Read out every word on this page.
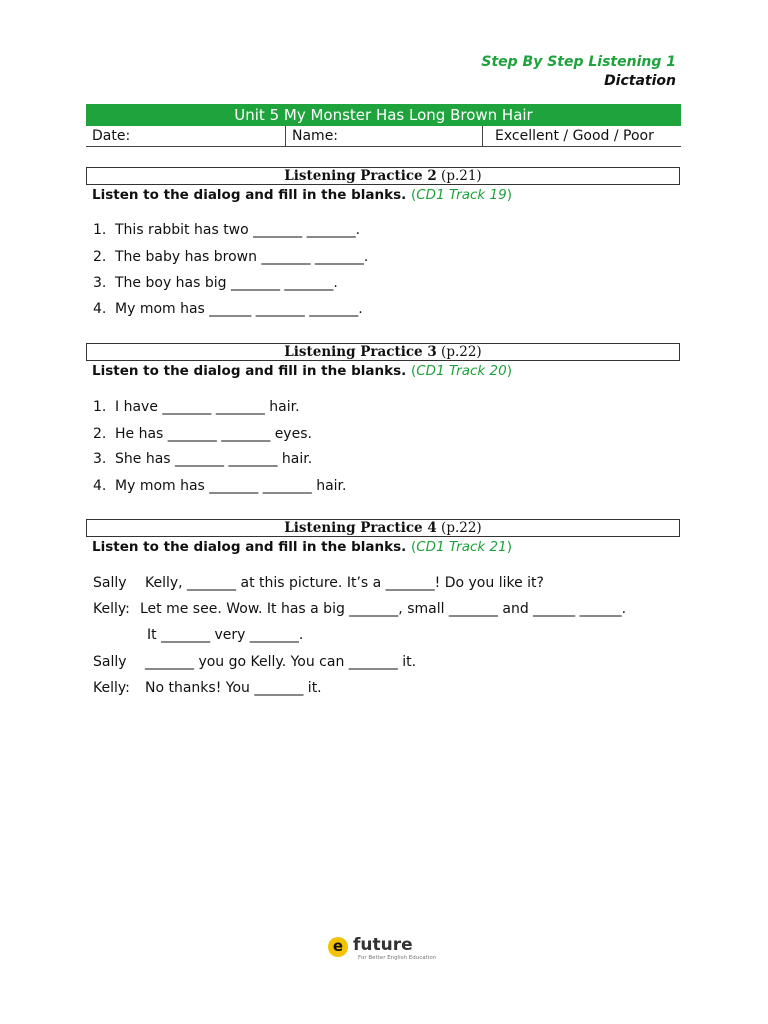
Step By Step Listening 1
Dictation
Unit 5 My Monster Has Long Brown Hair
Date:	Name:	Excellent / Good / Poor
Listening Practice 2 (p.21)
Listen to the dialog and fill in the blanks. (CD1 Track 19)
1. This rabbit has two _______ _______.
2. The baby has brown _______ _______.
3. The boy has big _______ _______.
4. My mom has ______ _______ _______.
Listening Practice 3 (p.22)
Listen to the dialog and fill in the blanks. (CD1 Track 20)
1. I have _______ _______ hair.
2. He has _______ _______ eyes.
3. She has _______ _______ hair.
4. My mom has _______ _______ hair.
Listening Practice 4 (p.22)
Listen to the dialog and fill in the blanks. (CD1 Track 21)
Sally Kelly, _______ at this picture. It’s a _______! Do you like it?
Kelly: Let me see. Wow. It has a big _______, small _______ and ______ ______.
It _______ very _______.
Sally _______ you go Kelly. You can _______ it.
Kelly: No thanks! You _______ it.
e future
For Better English Education
